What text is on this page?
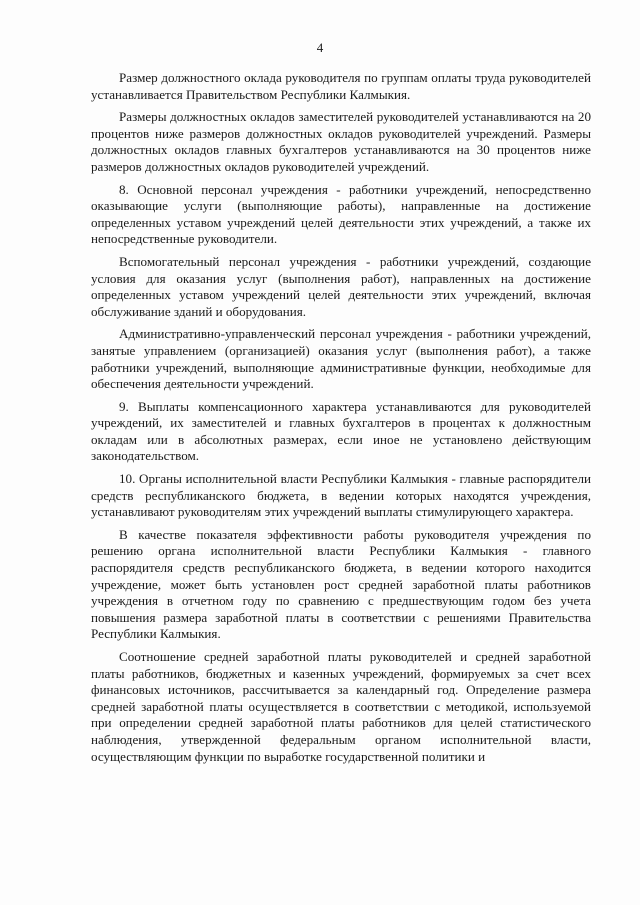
4

Размер должностного оклада руководителя по группам оплаты труда руководителей устанавливается Правительством Республики Калмыкия.

Размеры должностных окладов заместителей руководителей устанавливаются на 20 процентов ниже размеров должностных окладов руководителей учреждений. Размеры должностных окладов главных бухгалтеров устанавливаются на 30 процентов ниже размеров должностных окладов руководителей учреждений.

8. Основной персонал учреждения - работники учреждений, непосредственно оказывающие услуги (выполняющие работы), направленные на достижение определенных уставом учреждений целей деятельности этих учреждений, а также их непосредственные руководители.

Вспомогательный персонал учреждения - работники учреждений, создающие условия для оказания услуг (выполнения работ), направленных на достижение определенных уставом учреждений целей деятельности этих учреждений, включая обслуживание зданий и оборудования.

Административно-управленческий персонал учреждения - работники учреждений, занятые управлением (организацией) оказания услуг (выполнения работ), а также работники учреждений, выполняющие административные функции, необходимые для обеспечения деятельности учреждений.

9. Выплаты компенсационного характера устанавливаются для руководителей учреждений, их заместителей и главных бухгалтеров в процентах к должностным окладам или в абсолютных размерах, если иное не установлено действующим законодательством.

10. Органы исполнительной власти Республики Калмыкия - главные распорядители средств республиканского бюджета, в ведении которых находятся учреждения, устанавливают руководителям этих учреждений выплаты стимулирующего характера.

В качестве показателя эффективности работы руководителя учреждения по решению органа исполнительной власти Республики Калмыкия - главного распорядителя средств республиканского бюджета, в ведении которого находится учреждение, может быть установлен рост средней заработной платы работников учреждения в отчетном году по сравнению с предшествующим годом без учета повышения размера заработной платы в соответствии с решениями Правительства Республики Калмыкия.

Соотношение средней заработной платы руководителей и средней заработной платы работников, бюджетных и казенных учреждений, формируемых за счет всех финансовых источников, рассчитывается за календарный год. Определение размера средней заработной платы осуществляется в соответствии с методикой, используемой при определении средней заработной платы работников для целей статистического наблюдения, утвержденной федеральным органом исполнительной власти, осуществляющим функции по выработке государственной политики и
